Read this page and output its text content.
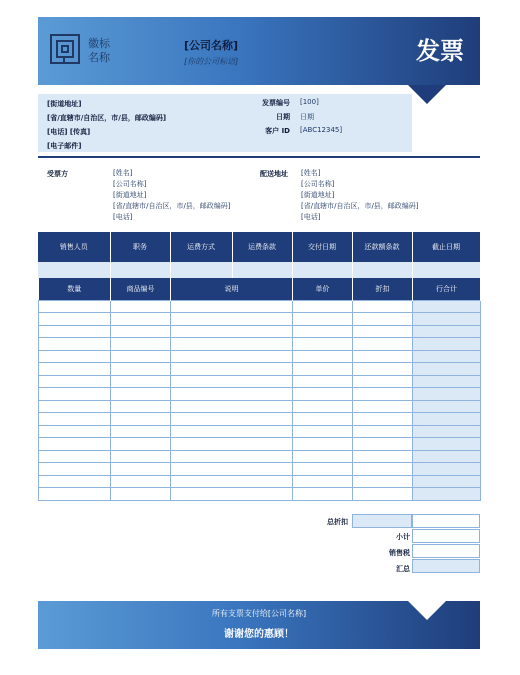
徽标
名称
[公司名称]
[你的公司标语]	发票
[街道地址]
[省/直辖市/自治区，市/县，邮政编码]
[电话] [传真]
[电子邮件]
发票编号 [100]
日期 日期
客户 ID [ABC12345]
受票方	[姓名]
[公司名称]
[街道地址]
[省/直辖市/自治区，市/县，邮政编码]
[电话]
配送地址 [姓名]
[公司名称]
[街道地址]
[省/直辖市/自治区，市/县，邮政编码]
[电话]
销售人员	职务	运费方式	运费条款	交付日期	还款额条款	截止日期

数量	商品编号	说明	单价	折扣	行合计

总折扣
小计
销售税
汇总
所有支票支付给[公司名称]
谢谢您的惠顾！
